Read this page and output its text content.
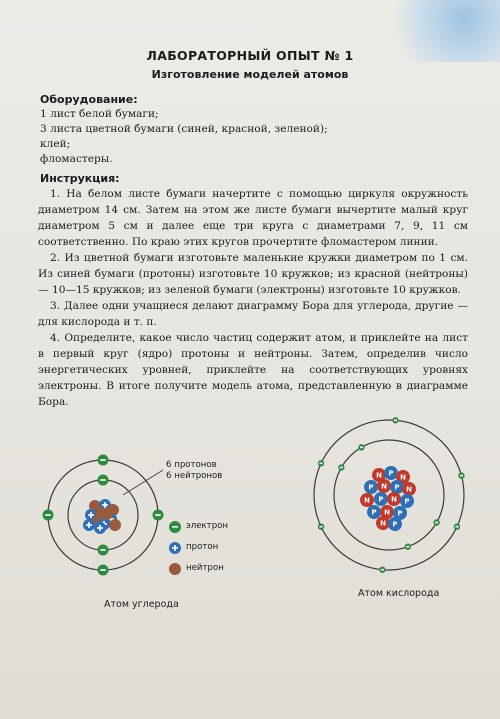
ЛАБОРАТОРНЫЙ ОПЫТ № 1
Изготовление моделей атомов
Оборудование:
1 лист белой бумаги;
3 листа цветной бумаги (синей, красной, зеленой);
клей;
фломастеры.
Инструкция:
1. На белом листе бумаги начертите с помощью циркуля окружность диаметром 14 см. Затем на этом же листе бумаги вычертите малый круг диаметром 5 см и далее еще три круга с диаметрами 7, 9, 11 см соответственно. По краю этих кругов прочертите фломастером линии.
2. Из цветной бумаги изготовьте маленькие кружки диаметром по 1 см. Из синей бумаги (протоны) изготовьте 10 кружков; из красной (нейтроны) — 10—15 кружков; из зеленой бумаги (электроны) изготовьте 10 кружков.
3. Далее одни учащиеся делают диаграмму Бора для углерода, другие — для кислорода и т. п.
4. Определите, какое число частиц содержит атом, и приклейте на лист в первый круг (ядро) протоны и нейтроны. Затем, определив число энергетических уровней, приклейте на соответствующих уровнях электроны. В итоге получите модель атома, представленную в диаграмме Бора.
N P N
P N P N
N P N P
P N P
N P
6 протонов
6 нейтронов
электрон
протон
нейтрон
Атом углерода
Атом кислорода
